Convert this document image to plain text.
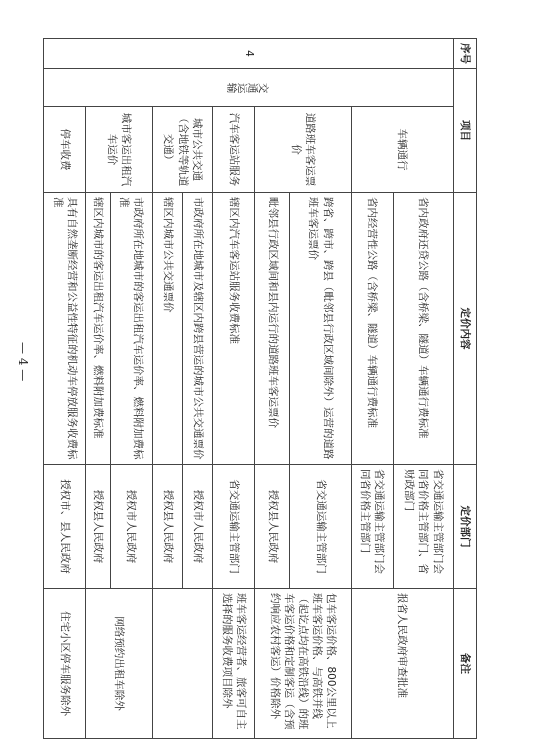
— 4 —
序号	项目		定价内容	定价部门	备注
4	交通运输	车辆通行	省内政府还贷公路（含桥梁、隧道）车辆通行费标准	省交通运输主管部门会同省价格主管部门、省财政部门	报省人民政府审查批准
			省内经营性公路（含桥梁、隧道）车辆通行费标准	省交通运输主管部门会同省价格主管部门	
		道路班车客运票价	跨省、跨市、跨县（毗邻县行政区域间除外）运营的道路班车客运票价	省交通运输主管部门	包车客运价格、800公里以上班车客运价格、与高铁并线（起讫点均在高铁沿线）的班车客运价格和定制客运（含预约响应农村客运）价格除外
			毗邻县行政区域间和县内运行的道路班车客运票价	授权县人民政府	
		汽车客运站服务	辖区内汽车客运站服务收费标准	省交通运输主管部门	班车客运经营者、旅客可自主选择的服务收费项目除外
		城市公共交通（含地铁等轨道交通）	市政府所在地城市及辖区内跨县营运的城市公共交通票价	授权市人民政府	
			辖区内城市公共交通票价	授权县人民政府	
		城市客运出租汽车运价	市政府所在地城市的客运出租汽车运价率、燃料附加费标准	授权市人民政府	网络预约出租车除外
			辖区内城市的客运出租汽车运价率、燃料附加费标准	授权县人民政府	
		停车收费	具有自然垄断经营和公益性特征的机动车停放服务收费标准	授权市、县人民政府	住宅小区停车服务除外
